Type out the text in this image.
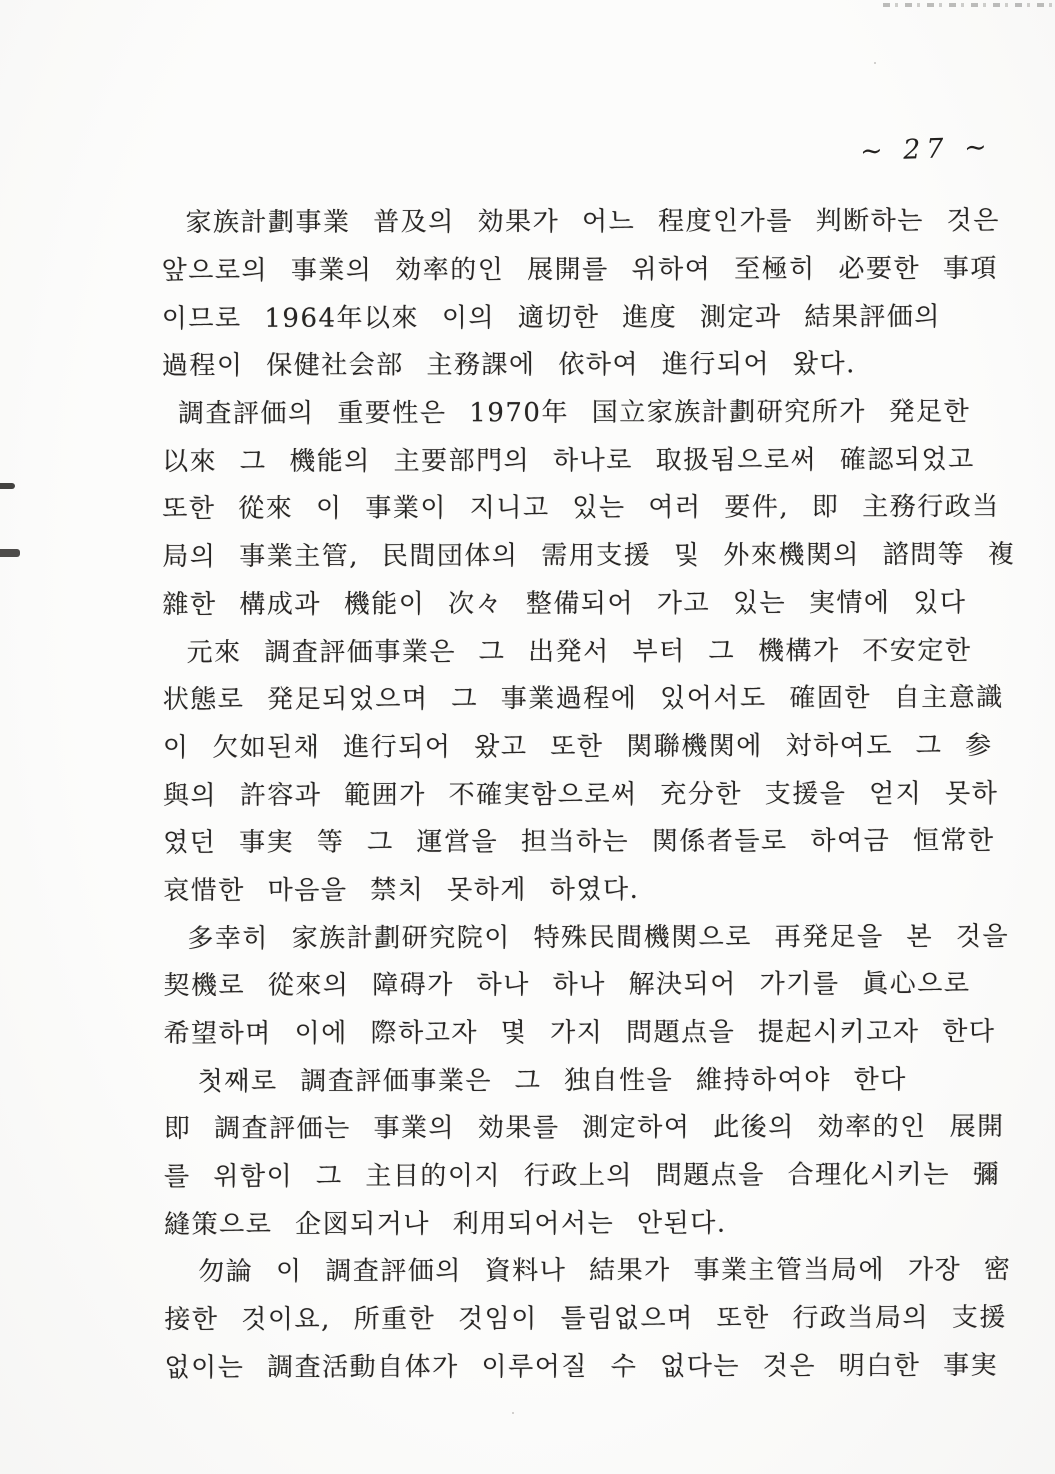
~ 27 ~
家族計劃事業 普及의 効果가 어느 程度인가를 判断하는 것은
앞으로의 事業의 効率的인 展開를 위하여 至極히 必要한 事項
이므로 1964年以來 이의 適切한 進度 測定과 結果評価의
過程이 保健社会部 主務課에 依하여 進行되어 왔다.
調査評価의 重要性은 1970年 国立家族計劃研究所가 発足한
以來 그 機能의 主要部門의 하나로 取扱됨으로써 確認되었고
또한 從來 이 事業이 지니고 있는 여러 要件, 即 主務行政当
局의 事業主管, 民間団体의 需用支援 및 外來機関의 諮問等 複
雜한 構成과 機能이 次々 整備되어 가고 있는 実情에 있다
元來 調査評価事業은 그 出発서 부터 그 機構가 不安定한
状態로 発足되었으며 그 事業過程에 있어서도 確固한 自主意識
이 欠如된채 進行되어 왔고 또한 関聯機関에 対하여도 그 参
與의 許容과 範囲가 不確実함으로써 充分한 支援을 얻지 못하
였던 事実 等 그 運営을 担当하는 関係者들로 하여금 恒常한
哀惜한 마음을 禁치 못하게 하였다.
多幸히 家族計劃研究院이 特殊民間機関으로 再発足을 본 것을
契機로 從來의 障碍가 하나 하나 解決되어 가기를 眞心으로
希望하며 이에 際하고자 몇 가지 問題点을 提起시키고자 한다
첫째로 調査評価事業은 그 独自性을 維持하여야 한다
即 調査評価는 事業의 効果를 測定하여 此後의 効率的인 展開
를 위함이 그 主目的이지 行政上의 問題点을 合理化시키는 彌
縫策으로 企図되거나 利用되어서는 안된다.
勿論 이 調査評価의 資料나 結果가 事業主管当局에 가장 密
接한 것이요, 所重한 것임이 틀림없으며 또한 行政当局의 支援
없이는 調査活動自体가 이루어질 수 없다는 것은 明白한 事実
